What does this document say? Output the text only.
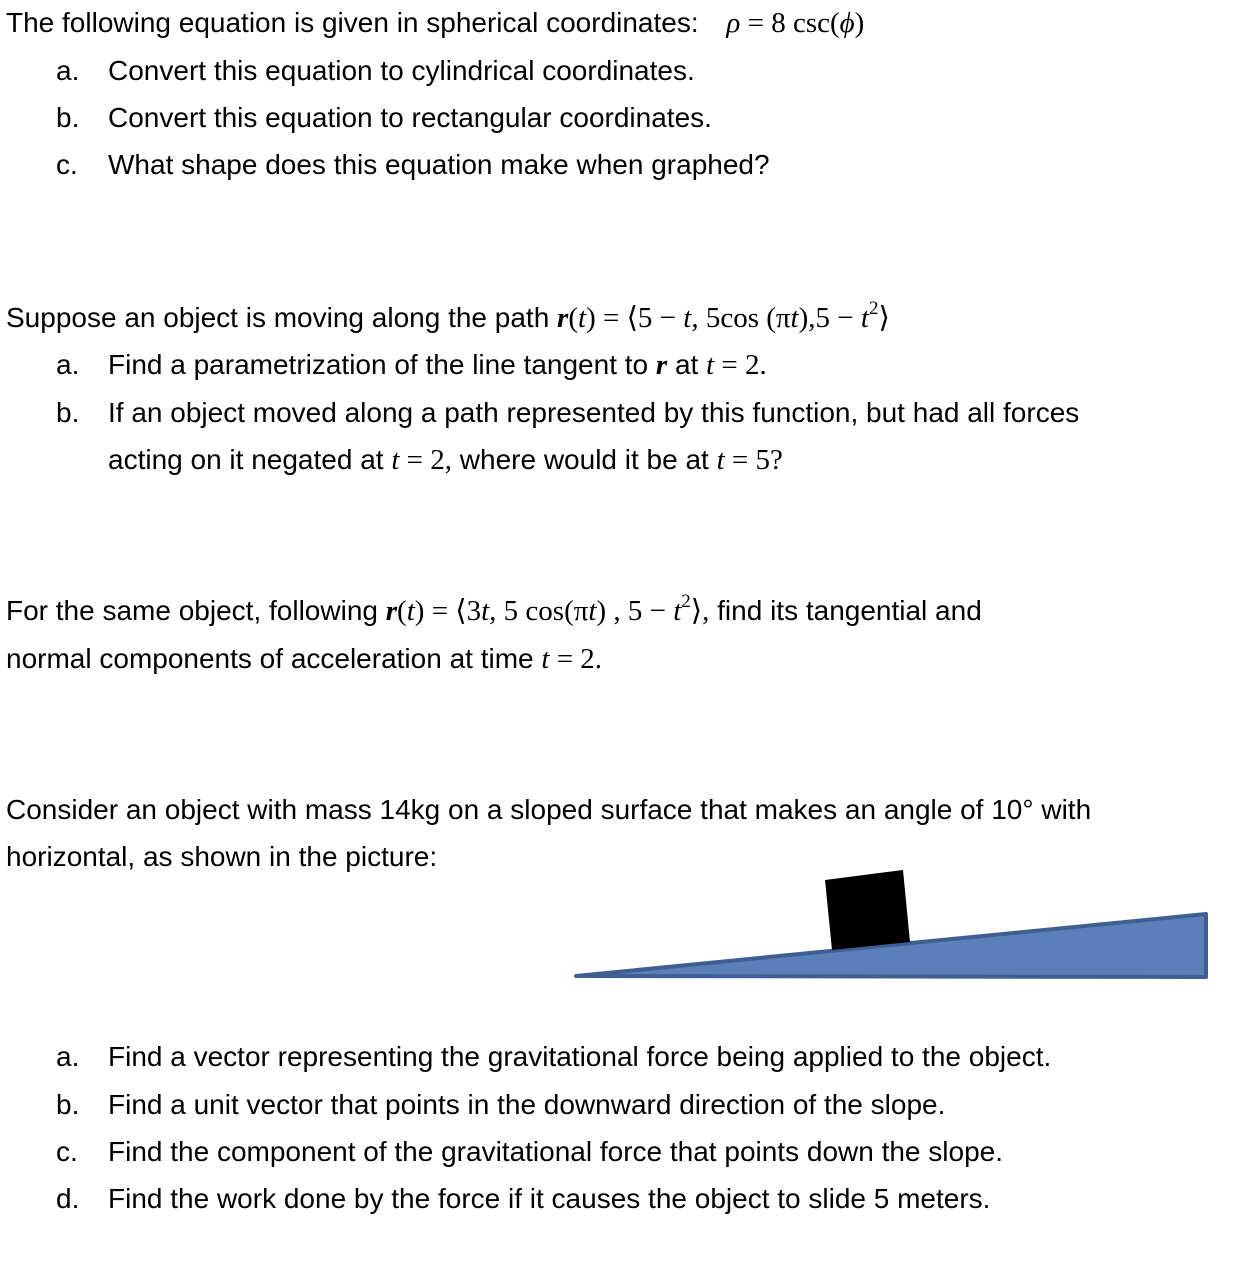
The following equation is given in spherical coordinates: ρ = 8 csc(ϕ)
a. Convert this equation to cylindrical coordinates.
b. Convert this equation to rectangular coordinates.
c. What shape does this equation make when graphed?
Suppose an object is moving along the path r(t) = ⟨5 − t, 5cos $(\pi t),5 - t^2⟩$
a. Find a parametrization of the line tangent to r at t = 2.
b. If an object moved along a path represented by this function, but had all forces
acting on it negated at t = 2, where would it be at t = 5?
For the same object, following r(t) = ⟨3t, 5 cos(πt) , $5 - t^2⟩$, find its tangential and
normal components of acceleration at time t = 2.
Consider an object with mass 14kg on a sloped surface that makes an angle of 10° with
horizontal, as shown in the picture:
a. Find a vector representing the gravitational force being applied to the object.
b. Find a unit vector that points in the downward direction of the slope.
c. Find the component of the gravitational force that points down the slope.
d. Find the work done by the force if it causes the object to slide 5 meters.
